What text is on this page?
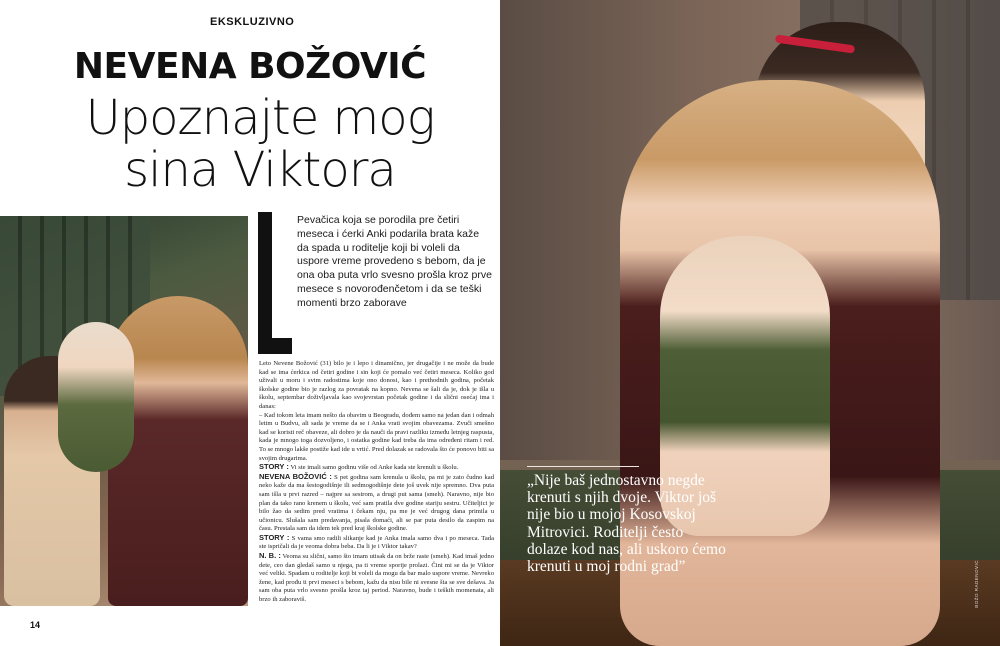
EKSKLUZIVNO
NEVENA BOŽOVIĆ
Upoznajte mog
sina Viktora
Pevačica koja se porodila pre četiri meseca i ćerki Anki podarila brata kaže da spada u roditelje koji bi voleli da uspore vreme provedeno s bebom, da je ona oba puta vrlo svesno prošla kroz prve mesece s novorođenčetom i da se teški momenti brzo zaborave

Leto Nevene Božović (31) bilo je i lepo i dinamično, jer drugačije i ne može da bude kad se ima ćerkica od četiri godine i sin koji će pomalo već četiri meseca. Koliko god uživali u moru i svim radostima koje ono donosi, kao i prethodnih godina, početak školske godine bio je razlog za povratak na kopno. Nevena se šali da je, dok je išla u školu, septembar doživljavala kao svojevrstan početak godine i da slični osećaj ima i danas:

– Kad tokom leta imam nešto da obavim u Beogradu, dođem samo na jedan dan i odmah letim u Budvu, ali sada je vreme da se i Anka vrati svojim obavezama. Zvuči smešno kad se koristi reč obaveze, ali dobro je da nauči da pravi razliku između letnjeg raspusta, kada je mnogo toga dozvoljeno, i ostatka godine kad treba da ima određeni ritam i red. To se mnogo lakše postiže kad ide u vrtić. Pred dolazak se radovala što će ponovo biti sa svojim drugarima.

STORY : Vi ste imali samo godinu više od Anke kada ste krenuli u školu.

NEVENA BOŽOVIĆ : S pet godina sam krenula u školu, pa mi je zato čudno kad neko kaže da ma šestogodišnje ili sedmogodišnje dete još uvek nije spremno. Dva puta sam išla u prvi razred – najpre sa sestrom, a drugi put sama (smeh). Naravno, nije bio plan da tako rano krenem u školu, već sam pratila dve godine stariju sestru. Učiteljici je bilo žao da sedim pred vratima i čekam nju, pa me je već drugog dana primila u učionicu. Slušala sam predavanja, pisala domaći, ali se par puta desilo da zaspim na času. Prestala sam da idem tek pred kraj školske godine.

STORY : S vama smo radili slikanje kad je Anka imala samo dva i po meseca. Tada ste ispričali da je veoma dobra beba. Da li je i Viktor takav?

N. B. : Veoma su slični, samo što imam utisak da on brže raste (smeh). Kad imaš jedno dete, ceo dan gledaš samo u njega, pa ti vreme sporije prolazi. Čini mi se da je Viktor već veliki. Spadam u roditelje koji bi voleli da mogu da bar malo uspore vreme. Nevreko žene, kad prođu ti prvi meseci s bebom, kažu da nisu bile ni svesne šta se sve dešava. Ja sam oba puta vrlo svesno prošla kroz taj period. Naravno, bude i teških momenata, ali brzo ih zaboraviš.

14
„Nije baš jednostavno negde krenuti s njih dvoje. Viktor još nije bio u mojoj Kosovskoj Mitrovici. Roditelji često dolaze kod nas, ali uskoro ćemo krenuti u moj rodni grad”	BOŽO RADENOVIĆ
